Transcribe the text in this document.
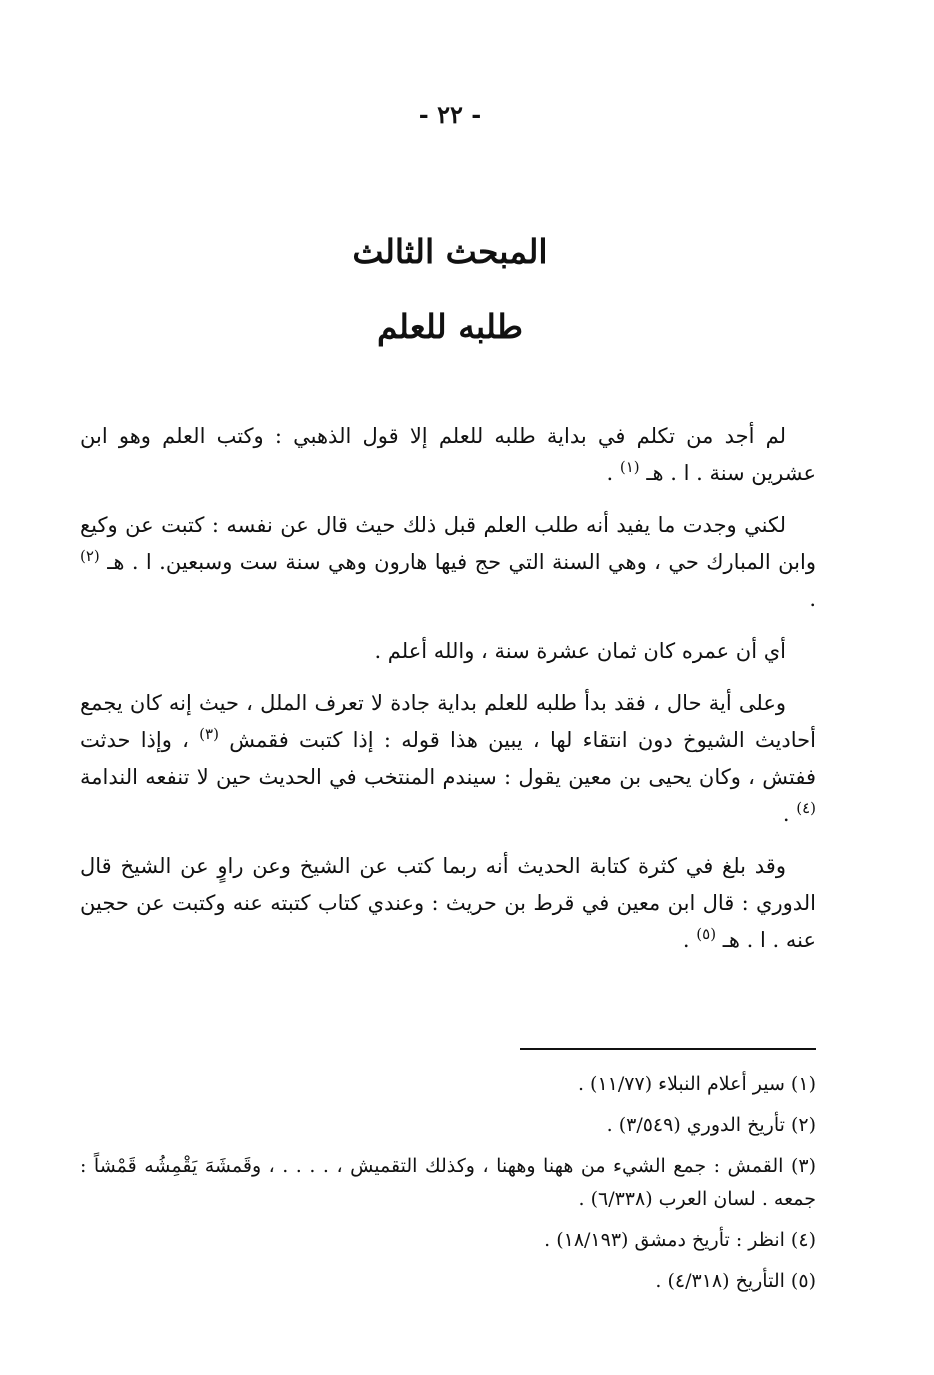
- ٢٢ -
المبحث الثالث
طلبه للعلم

لم أجد من تكلم في بداية طلبه للعلم إلا قول الذهبي : وكتب العلم وهو ابن عشرين سنة . ا . هـ $^{(١)}$ .

لكني وجدت ما يفيد أنه طلب العلم قبل ذلك حيث قال عن نفسه : كتبت عن وكيع وابن المبارك حي ، وهي السنة التي حج فيها هارون وهي سنة ست وسبعين. ا . هـ $^{(٢)}$ .

أي أن عمره كان ثمان عشرة سنة ، والله أعلم .

وعلى أية حال ، فقد بدأ طلبه للعلم بداية جادة لا تعرف الملل ، حيث إنه كان يجمع أحاديث الشيوخ دون انتقاء لها ، يبين هذا قوله : إذا كتبت فقمش $^{(٣)}$ ، وإذا حدثت ففتش ، وكان يحيى بن معين يقول : سيندم المنتخب في الحديث حين لا تنفعه الندامة $^{(٤)}$ .

وقد بلغ في كثرة كتابة الحديث أنه ربما كتب عن الشيخ وعن راوٍ عن الشيخ قال الدوري : قال ابن معين في قرط بن حريث : وعندي كتاب كتبته عنه وكتبت عن حجين عنه . ا . هـ $^{(٥)}$ .

(١) سير أعلام النبلاء (١١/٧٧) .
(٢) تأريخ الدوري (٣/٥٤٩) .
(٣) القمش : جمع الشيء من ههنا وههنا ، وكذلك التقميش ، . . . . ، وقَمشَهَ يَقْمِشُه قَمْشاً : جمعه . لسان العرب (٦/٣٣٨) .
(٤) انظر : تأريخ دمشق (١٨/١٩٣) .
(٥) التأريخ (٤/٣١٨) .
